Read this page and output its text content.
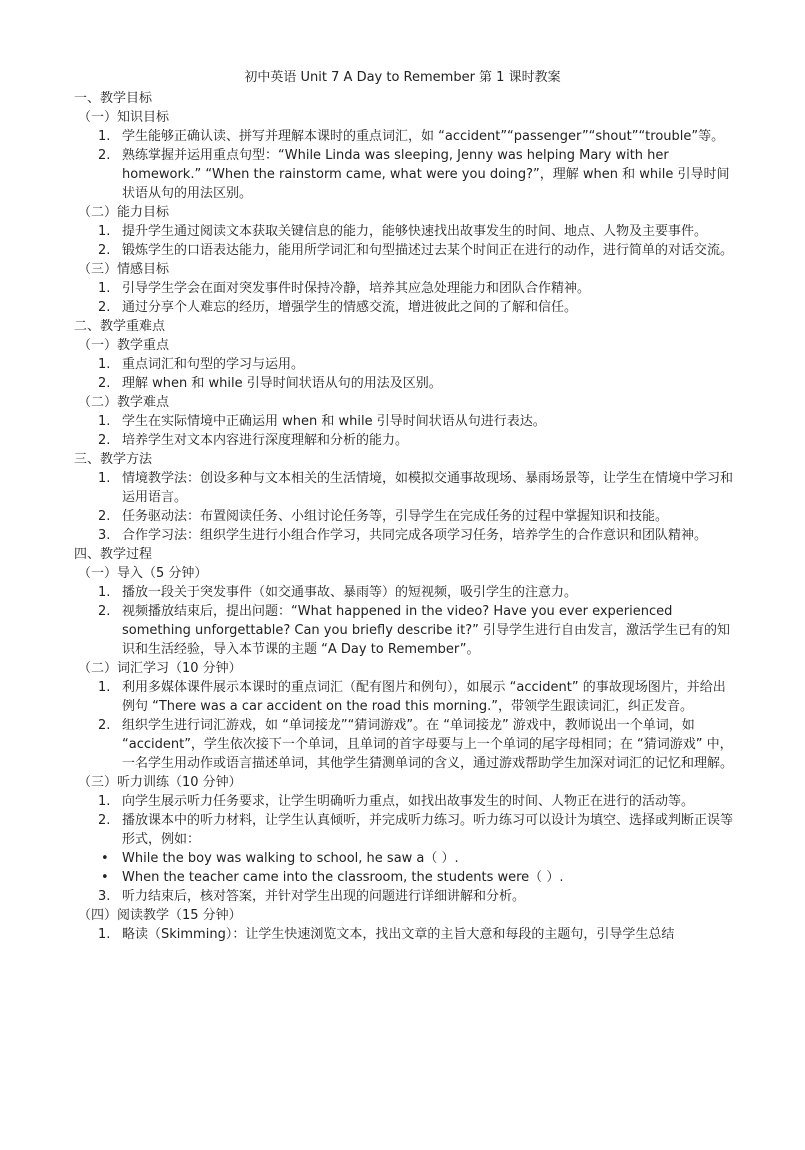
初中英语 Unit 7 A Day to Remember 第 1 课时教案
一、教学目标
（一）知识目标
1. 学生能够正确认读、拼写并理解本课时的重点词汇，如 “accident”“passenger”“shout”“trouble”等。
2. 熟练掌握并运用重点句型：“While Linda was sleeping, Jenny was helping Mary with her homework.” “When the rainstorm came, what were you doing?”，理解 when 和 while 引导时间状语从句的用法区别。
（二）能力目标
1. 提升学生通过阅读文本获取关键信息的能力，能够快速找出故事发生的时间、地点、人物及主要事件。
2. 锻炼学生的口语表达能力，能用所学词汇和句型描述过去某个时间正在进行的动作，进行简单的对话交流。
（三）情感目标
1. 引导学生学会在面对突发事件时保持冷静，培养其应急处理能力和团队合作精神。
2. 通过分享个人难忘的经历，增强学生的情感交流，增进彼此之间的了解和信任。
二、教学重难点
（一）教学重点
1. 重点词汇和句型的学习与运用。
2. 理解 when 和 while 引导时间状语从句的用法及区别。
（二）教学难点
1. 学生在实际情境中正确运用 when 和 while 引导时间状语从句进行表达。
2. 培养学生对文本内容进行深度理解和分析的能力。
三、教学方法
1. 情境教学法：创设多种与文本相关的生活情境，如模拟交通事故现场、暴雨场景等，让学生在情境中学习和运用语言。
2. 任务驱动法：布置阅读任务、小组讨论任务等，引导学生在完成任务的过程中掌握知识和技能。
3. 合作学习法：组织学生进行小组合作学习，共同完成各项学习任务，培养学生的合作意识和团队精神。
四、教学过程
（一）导入（5 分钟）
1. 播放一段关于突发事件（如交通事故、暴雨等）的短视频，吸引学生的注意力。
2. 视频播放结束后，提出问题：“What happened in the video? Have you ever experienced something unforgettable? Can you briefly describe it?” 引导学生进行自由发言，激活学生已有的知识和生活经验，导入本节课的主题 “A Day to Remember”。
（二）词汇学习（10 分钟）
1. 利用多媒体课件展示本课时的重点词汇（配有图片和例句），如展示 “accident” 的事故现场图片，并给出例句 “There was a car accident on the road this morning.”，带领学生跟读词汇，纠正发音。
2. 组织学生进行词汇游戏，如 “单词接龙”“猜词游戏”。在 “单词接龙” 游戏中，教师说出一个单词，如 “accident”，学生依次接下一个单词，且单词的首字母要与上一个单词的尾字母相同；在 “猜词游戏” 中，一名学生用动作或语言描述单词，其他学生猜测单词的含义，通过游戏帮助学生加深对词汇的记忆和理解。
（三）听力训练（10 分钟）
1. 向学生展示听力任务要求，让学生明确听力重点，如找出故事发生的时间、人物正在进行的活动等。
2. 播放课本中的听力材料，让学生认真倾听，并完成听力练习。听力练习可以设计为填空、选择或判断正误等形式，例如：
• While the boy was walking to school, he saw a（ ）.
• When the teacher came into the classroom, the students were（ ）.
3. 听力结束后，核对答案，并针对学生出现的问题进行详细讲解和分析。
（四）阅读教学（15 分钟）
1. 略读（Skimming）：让学生快速浏览文本，找出文章的主旨大意和每段的主题句，引导学生总结
